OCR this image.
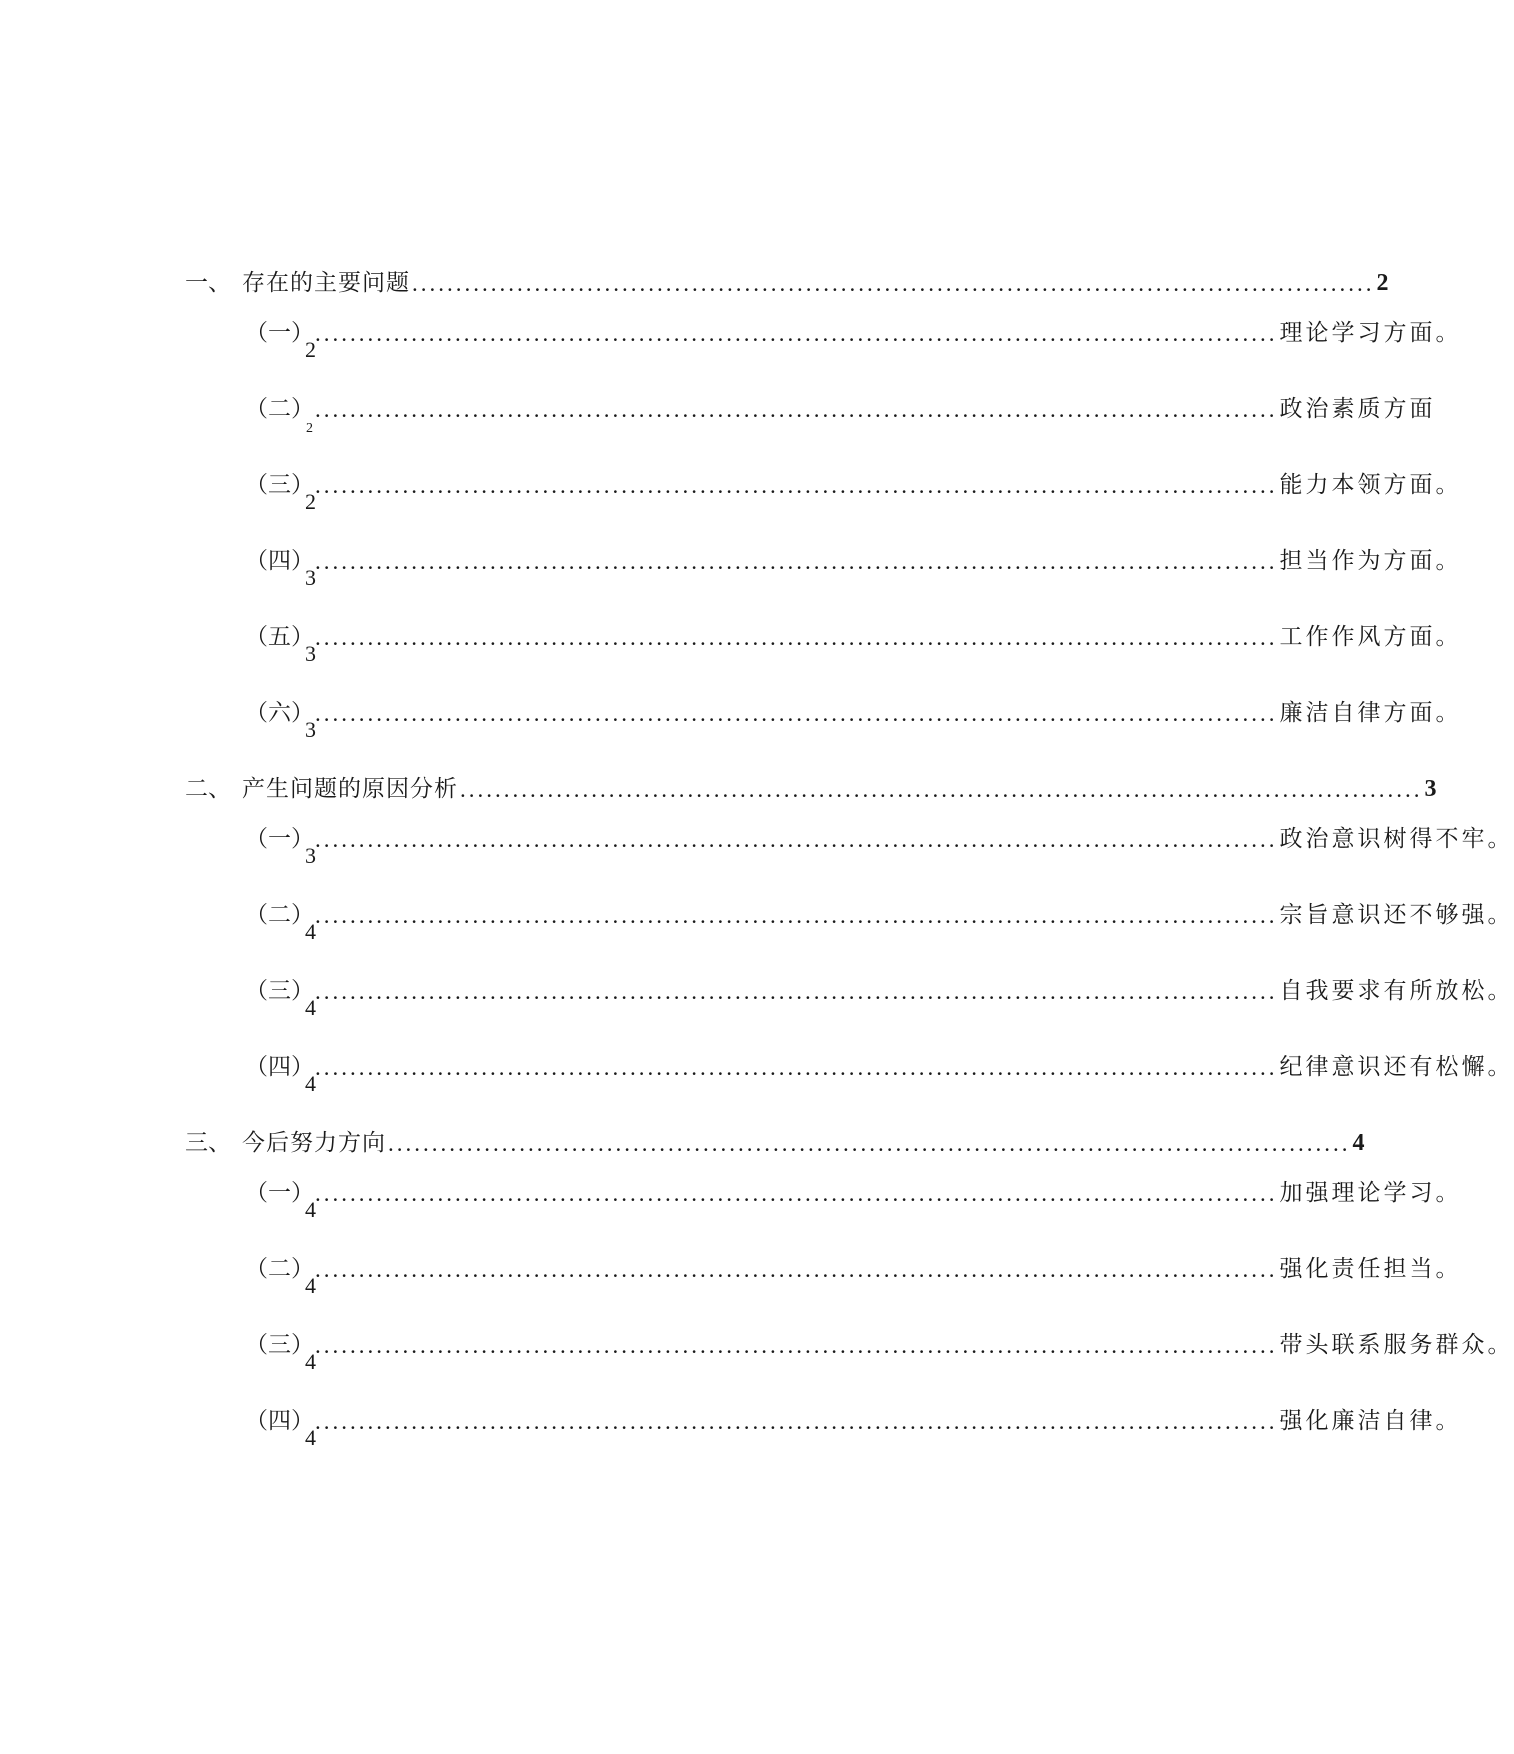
一、 存在的主要问题 .............................................................................................................. 2
（一） .............................................................................................................. 理论学习方面。
2
（二） .............................................................................................................. 政治素质方面
2
（三） .............................................................................................................. 能力本领方面。
2
（四） .............................................................................................................. 担当作为方面。
3
（五） .............................................................................................................. 工作作风方面。
3
（六） .............................................................................................................. 廉洁自律方面。
3
二、 产生问题的原因分析 .............................................................................................................. 3
（一） .............................................................................................................. 政治意识树得不牢。
3
（二） .............................................................................................................. 宗旨意识还不够强。
4
（三） .............................................................................................................. 自我要求有所放松。
4
（四） .............................................................................................................. 纪律意识还有松懈。
4
三、 今后努力方向 .............................................................................................................. 4
（一） .............................................................................................................. 加强理论学习。
4
（二） .............................................................................................................. 强化责任担当。
4
（三） .............................................................................................................. 带头联系服务群众。
4
（四） .............................................................................................................. 强化廉洁自律。
4
